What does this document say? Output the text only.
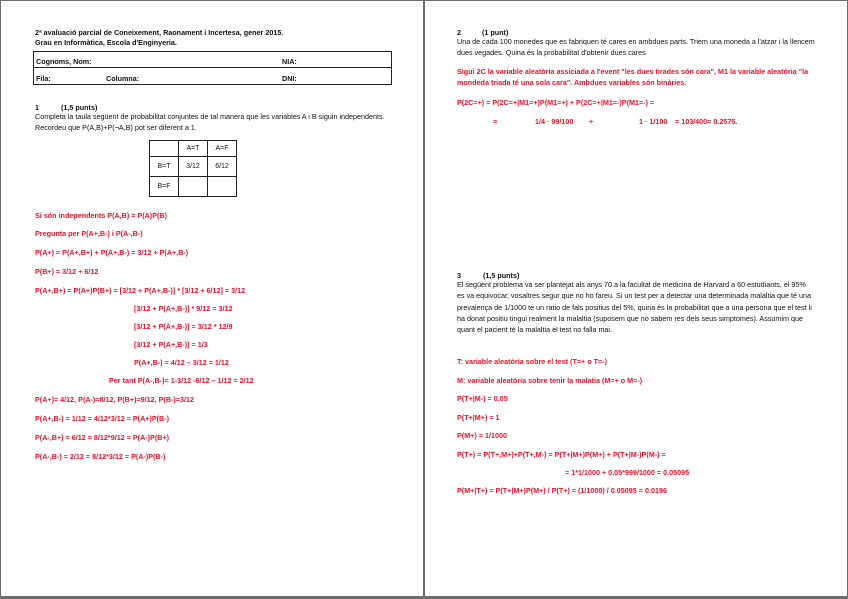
2ª avaluació parcial de Coneixement, Raonament i Incertesa, gener 2015.
Grau en Informàtica, Escola d'Enginyeria.
Cognoms, Nom:	NIA:
Fila:	Columna:	DNI:
1	(1,5 punts)
Completa la taula següent de probabilitat conjuntes de tal manera que les variables A i B siguin independents. Recordeu que P(A,B)+P(¬A,B) pot ser diferent a 1.
	A=T	A=F
B=T	3/12	6/12
B=F		
Si són independents P(A,B) = P(A)P(B)
Pregunta per P(A+,B-) i P(A-,B-)
P(A+) = P(A+,B+) + P(A+,B-) = 3/12 + P(A+,B-)
P(B+) = 3/12 + 6/12
P(A+,B+) = P(A+)P(B+) = [3/12 + P(A+,B-)] * [3/12 + 6/12] = 3/12
[3/12 + P(A+,B-)] * 9/12 = 3/12
[3/12 + P(A+,B-)] = 3/12 * 12/9
[3/12 + P(A+,B-)] = 1/3
P(A+,B-) = 4/12 – 3/12 = 1/12
Per tant P(A-,B-)= 1-3/12 -6/12 – 1/12 = 2/12
P(A+)= 4/12, P(A-)=8/12, P(B+)=9/12, P(B-)=3/12
P(A+,B-) = 1/12 = 4/12*3/12 = P(A+)P(B-)
P(A-,B+) = 6/12 = 8/12*9/12 = P(A-)P(B+)
P(A-,B-) = 2/12 = 8/12*3/12 = P(A-)P(B-)
2	(1 punt)
Una de cada 100 monedes que es fabriquen té cares en ambdues parts. Triem una moneda a l'atzar i la llencem dues vegades. Quina és la probabilitat d'obtenir dues cares
Sigui 2C la variable aleatòria assiciada a l'event "les dues tirades són cara", M1 la variable aleatòria "la mondeda triada té una sola cara". Ambdues variables són binàries.
P(2C=+) = P(2C=+|M1=+)P(M1=+) + P(2C=+|M1=-)P(M1=-) =
=	1/4 · 99/100 +	1 · 1/100 = 103/400= 0.2575.
3	(1,5 punts)
El següent problema va ser plantejat als anys 70 a la facultat de medicina de Harvard a 60 estudiants, el 95% es va equivocar, vosaltres segur que no ho fareu. Si un test per a detectar una determinada malaltia que té una prevalença de 1/1000 té un ratio de fals positius del 5%, quina és la probabilitat que a una persona que el test li ha donat positiu tingui realment la malaltia (suposem que no sabem res dels seus simptomes). Assumim que quant el pacient té la malaltia el test no falla mai.
T: variable aleatòria sobre el test (T=+ o T=-)
M: variable aleatòria sobre tenir la malatia (M=+ o M=-)
P(T+|M-) = 0.05
P(T+|M+) = 1
P(M+) = 1/1000
P(T+) = P(T+,M+)+P(T+,M-) = P(T+|M+)P(M+) + P(T+|M-)P(M-) =
= 1*1/1000 + 0.05*999/1000 = 0.05095
P(M+|T+) = P(T+|M+)P(M+) / P(T+) = (1/1000) / 0.05095 = 0.0196
